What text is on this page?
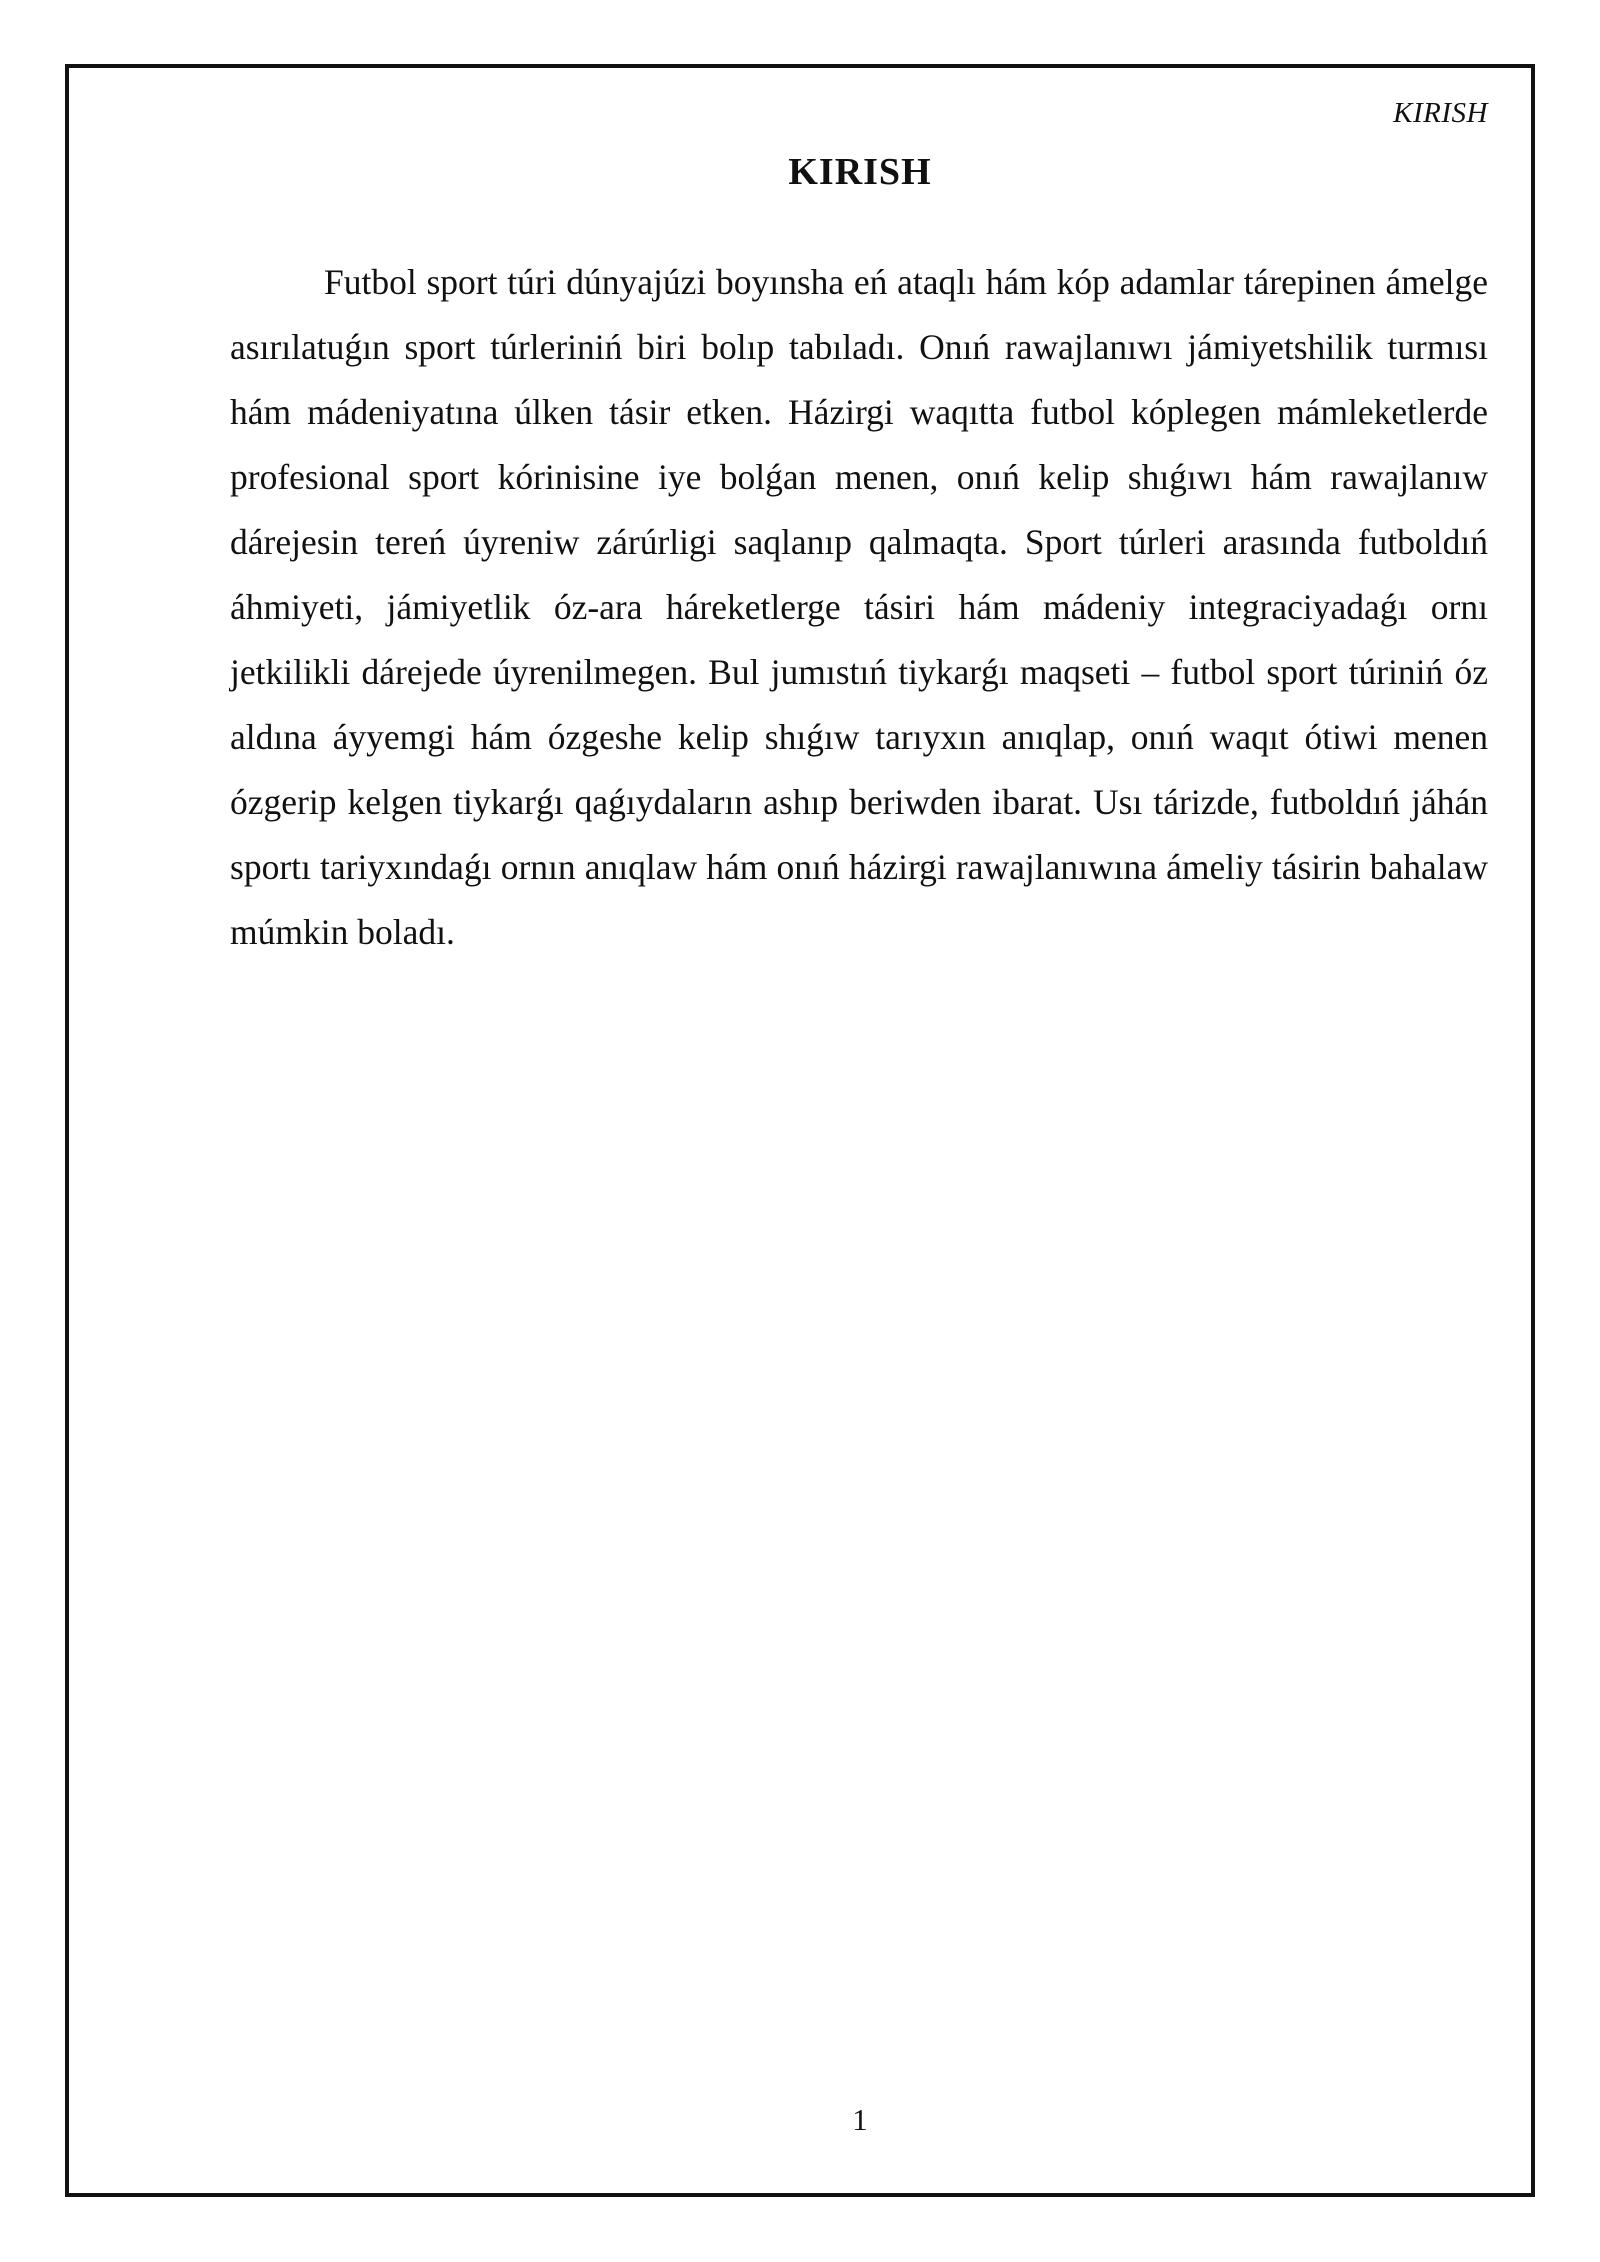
KIRISH
KIRISH

Futbol sport túri dúnyajúzi boyınsha eń ataqlı hám kóp adamlar tárepinen ámelge asırılatuǵın sport túrleriniń biri bolıp tabıladı. Onıń rawajlanıwı jámiyetshilik turmısı hám mádeniyatına úlken tásir etken. Házirgi waqıtta futbol kóplegen mámleketlerde profesional sport kórinisine iye bolǵan menen, onıń kelip shıǵıwı hám rawajlanıw dárejesin tereń úyreniw zárúrligi saqlanıp qalmaqta. Sport túrleri arasında futboldıń áhmiyeti, jámiyetlik óz-ara háreketlerge tásiri hám mádeniy integraciyadaǵı ornı jetkilikli dárejede úyrenilmegen. Bul jumıstıń tiykarǵı maqseti – futbol sport túriniń óz aldına áyyemgi hám ózgeshe kelip shıǵıw tarıyxın anıqlap, onıń waqıt ótiwi menen ózgerip kelgen tiykarǵı qaǵıydaların ashıp beriwden ibarat. Usı tárizde, futboldıń jáhán sportı tariyxındaǵı ornın anıqlaw hám onıń házirgi rawajlanıwına ámeliy tásirin bahalaw múmkin boladı.

1
